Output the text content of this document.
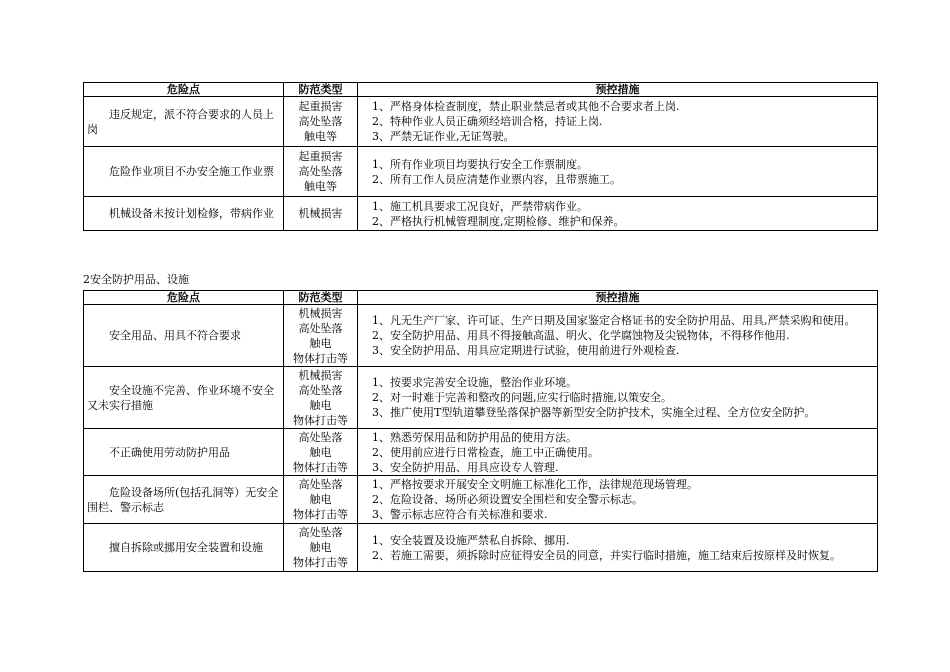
危险点	防范类型	预控措施
违反规定，派不符合要求的人员上岗	起重损害
高处坠落
触电等	1、严格身体检查制度，禁止职业禁忌者或其他不合要求者上岗.
2、特种作业人员正确须经培训合格，持证上岗.
3、严禁无证作业,无证驾驶。

危险作业项目不办安全施工作业票	起重损害
高处坠落
触电等	1、所有作业项目均要执行安全工作票制度。
2、所有工作人员应清楚作业票内容，且带票施工。

机械设备未按计划检修，带病作业	机械损害	1、施工机具要求工况良好，严禁带病作业。
2、严格执行机械管理制度,定期检修、维护和保养。
2安全防护用品、设施
危险点	防范类型	预控措施
安全用品、用具不符合要求	机械损害
高处坠落
触电
物体打击等	1、凡无生产厂家、许可证、生产日期及国家鉴定合格证书的安全防护用品、用具,严禁采购和使用。
2、安全防护用品、用具不得接触高温、明火、化学腐蚀物及尖锐物体，不得移作他用.
3、安全防护用品、用具应定期进行试验，使用前进行外观检查.

安全设施不完善、作业环境不安全又未实行措施	机械损害
高处坠落
触电
物体打击等	1、按要求完善安全设施，整治作业环境。
2、对一时难于完善和整改的问题,应实行临时措施,以策安全。
3、推广使用T型轨道攀登坠落保护器等新型安全防护技术，实施全过程、全方位安全防护。

不正确使用劳动防护用品	高处坠落
触电
物体打击等	1、熟悉劳保用品和防护用品的使用方法。
2、使用前应进行日常检查，施工中正确使用。
3、安全防护用品、用具应设专人管理.

危险设备场所(包括孔洞等）无安全围栏、警示标志	高处坠落
触电
物体打击等	1、严格按要求开展安全文明施工标准化工作，法律规范现场管理。
2、危险设备、场所必须设置安全围栏和安全警示标志。
3、警示标志应符合有关标准和要求.

擅自拆除或挪用安全装置和设施	高处坠落
触电
物体打击等	1、安全装置及设施严禁私自拆除、挪用.
2、若施工需要，须拆除时应征得安全员的同意，并实行临时措施，施工结束后按原样及时恢复。
